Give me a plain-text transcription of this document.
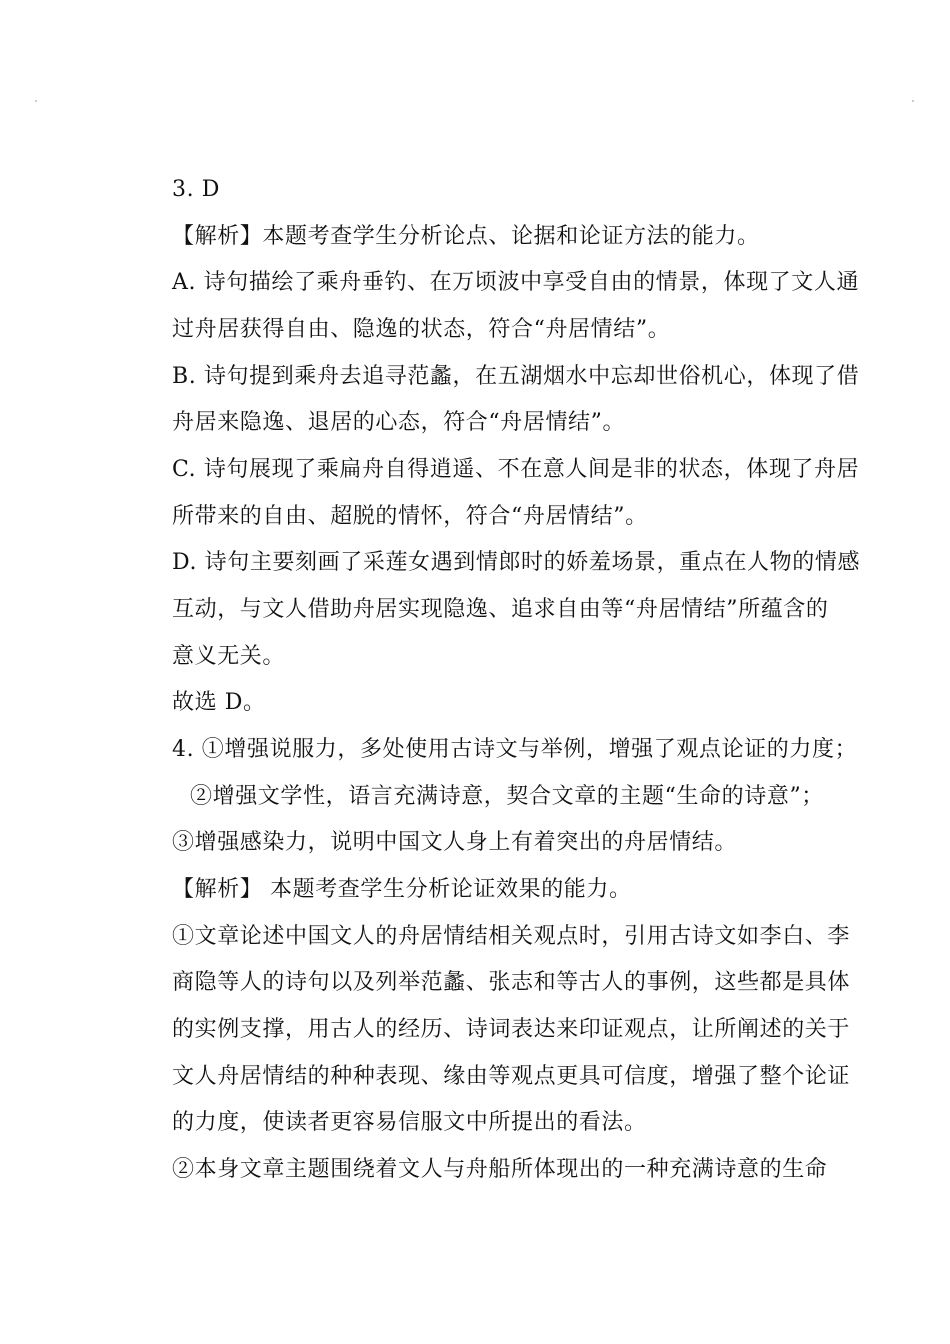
3. D
【解析】本题考查学生分析论点、论据和论证方法的能力。
A. 诗句描绘了乘舟垂钓、在万顷波中享受自由的情景，体现了文人通
过舟居获得自由、隐逸的状态，符合“舟居情结”。
B. 诗句提到乘舟去追寻范蠡，在五湖烟水中忘却世俗机心，体现了借
舟居来隐逸、退居的心态，符合“舟居情结”。
C. 诗句展现了乘扁舟自得逍遥、不在意人间是非的状态，体现了舟居
所带来的自由、超脱的情怀，符合“舟居情结”。
D. 诗句主要刻画了采莲女遇到情郎时的娇羞场景，重点在人物的情感
互动，与文人借助舟居实现隐逸、追求自由等“舟居情结”所蕴含的
意义无关。
故选 D。
4. ①增强说服力，多处使用古诗文与举例，增强了观点论证的力度；
②增强文学性，语言充满诗意，契合文章的主题“生命的诗意”；
③增强感染力，说明中国文人身上有着突出的舟居情结。
【解析】 本题考查学生分析论证效果的能力。
①文章论述中国文人的舟居情结相关观点时，引用古诗文如李白、李
商隐等人的诗句以及列举范蠡、张志和等古人的事例，这些都是具体
的实例支撑，用古人的经历、诗词表达来印证观点，让所阐述的关于
文人舟居情结的种种表现、缘由等观点更具可信度，增强了整个论证
的力度，使读者更容易信服文中所提出的看法。
②本身文章主题围绕着文人与舟船所体现出的一种充满诗意的生命
